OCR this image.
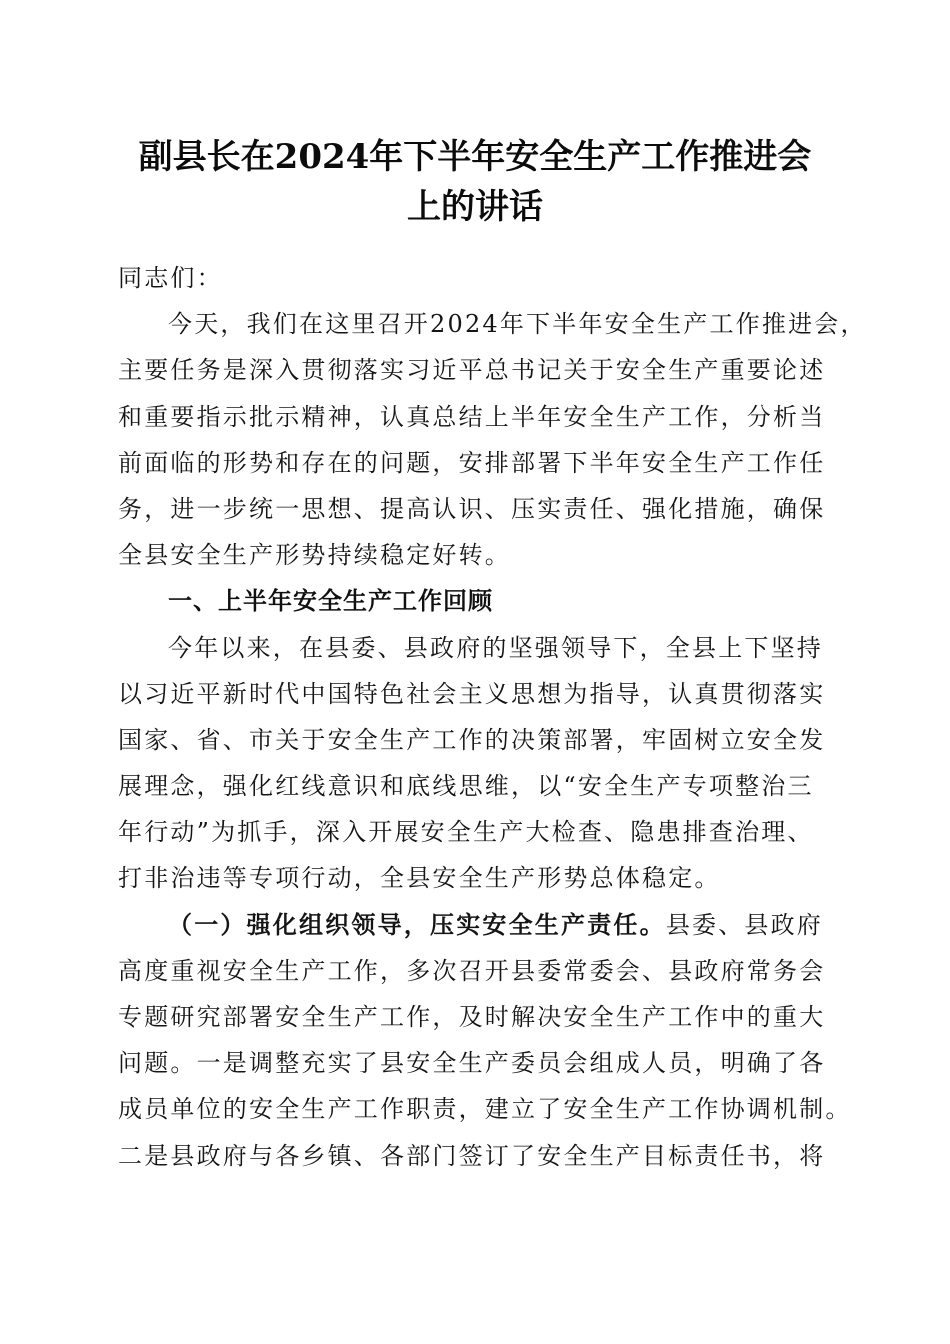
副县长在2024年下半年安全生产工作推进会
上的讲话
同志们：
今天，我们在这里召开2024年下半年安全生产工作推进会，
主要任务是深入贯彻落实习近平总书记关于安全生产重要论述
和重要指示批示精神，认真总结上半年安全生产工作，分析当
前面临的形势和存在的问题，安排部署下半年安全生产工作任
务，进一步统一思想、提高认识、压实责任、强化措施，确保
全县安全生产形势持续稳定好转。
一、上半年安全生产工作回顾
今年以来，在县委、县政府的坚强领导下，全县上下坚持
以习近平新时代中国特色社会主义思想为指导，认真贯彻落实
国家、省、市关于安全生产工作的决策部署，牢固树立安全发
展理念，强化红线意识和底线思维，以“安全生产专项整治三
年行动”为抓手，深入开展安全生产大检查、隐患排查治理、
打非治违等专项行动，全县安全生产形势总体稳定。
（一）强化组织领导，压实安全生产责任。县委、县政府
高度重视安全生产工作，多次召开县委常委会、县政府常务会
专题研究部署安全生产工作，及时解决安全生产工作中的重大
问题。一是调整充实了县安全生产委员会组成人员，明确了各
成员单位的安全生产工作职责，建立了安全生产工作协调机制。
二是县政府与各乡镇、各部门签订了安全生产目标责任书，将
